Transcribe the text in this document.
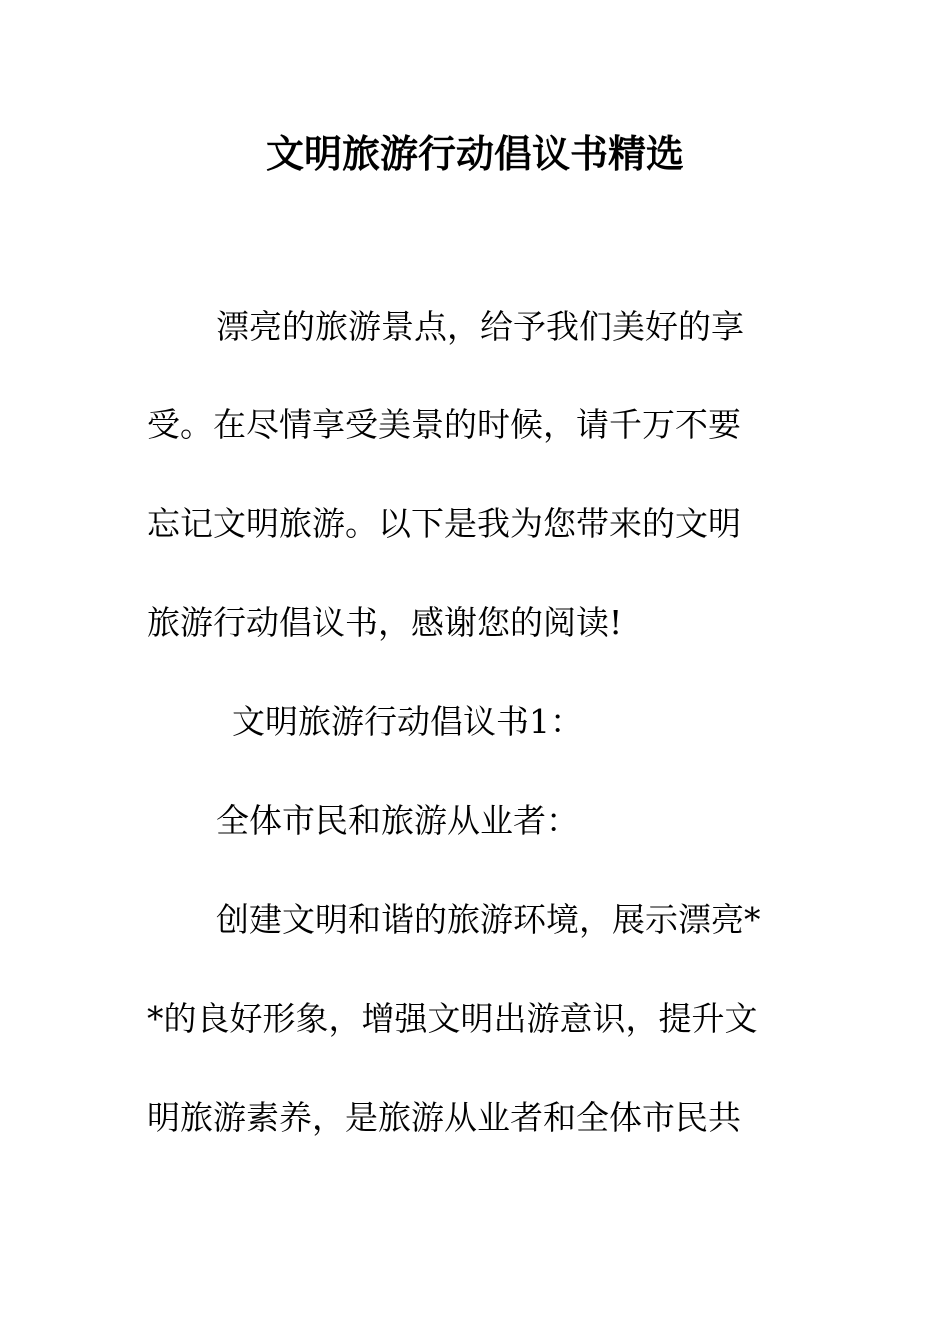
文明旅游行动倡议书精选
漂亮的旅游景点，给予我们美好的享
受。在尽情享受美景的时候，请千万不要
忘记文明旅游。以下是我为您带来的文明
旅游行动倡议书，感谢您的阅读!
文明旅游行动倡议书1：
全体市民和旅游从业者：
创建文明和谐的旅游环境，展示漂亮*
*的良好形象，增强文明出游意识，提升文
明旅游素养，是旅游从业者和全体市民共
